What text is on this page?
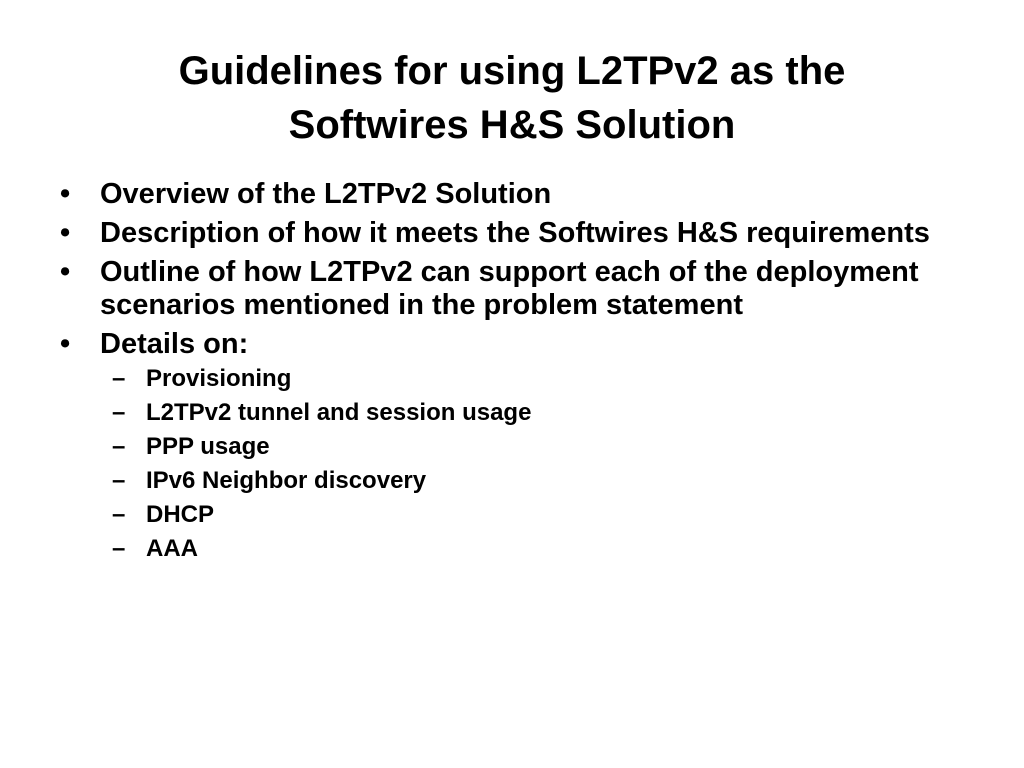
Guidelines for using L2TPv2 as the
Softwires H&S Solution
• Overview of the L2TPv2 Solution
• Description of how it meets the Softwires H&S requirements
• Outline of how L2TPv2 can support each of the deployment scenarios mentioned in the problem statement
• Details on:
– Provisioning
– L2TPv2 tunnel and session usage
– PPP usage
– IPv6 Neighbor discovery
– DHCP
– AAA
